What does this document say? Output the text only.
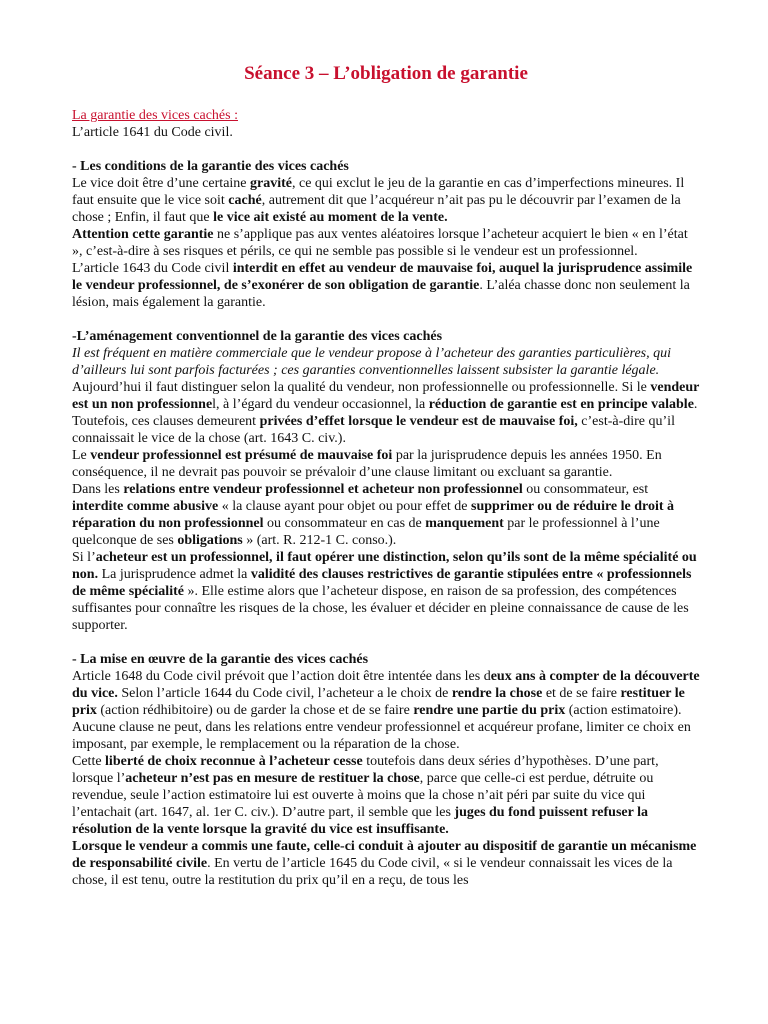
Séance 3 – L’obligation de garantie
La garantie des vices cachés :
L’article 1641 du Code civil.
- Les conditions de la garantie des vices cachés
Le vice doit être d’une certaine gravité, ce qui exclut le jeu de la garantie en cas d’imperfections mineures. Il faut ensuite que le vice soit caché, autrement dit que l’acquéreur n’ait pas pu le découvrir par l’examen de la chose ; Enfin, il faut que le vice ait existé au moment de la vente.
Attention cette garantie ne s’applique pas aux ventes aléatoires lorsque l’acheteur acquiert le bien « en l’état », c’est-à-dire à ses risques et périls, ce qui ne semble pas possible si le vendeur est un professionnel.
L’article 1643 du Code civil interdit en effet au vendeur de mauvaise foi, auquel la jurisprudence assimile le vendeur professionnel, de s’exonérer de son obligation de garantie. L’aléa chasse donc non seulement la lésion, mais également la garantie.
-L’aménagement conventionnel de la garantie des vices cachés
Il est fréquent en matière commerciale que le vendeur propose à l’acheteur des garanties particulières, qui d’ailleurs lui sont parfois facturées ; ces garanties conventionnelles laissent subsister la garantie légale.
Aujourd’hui il faut distinguer selon la qualité du vendeur, non professionnelle ou professionnelle. Si le vendeur est un non professionnel, à l’égard du vendeur occasionnel, la réduction de garantie est en principe valable. Toutefois, ces clauses demeurent privées d’effet lorsque le vendeur est de mauvaise foi, c’est-à-dire qu’il connaissait le vice de la chose (art. 1643 C. civ.).
Le vendeur professionnel est présumé de mauvaise foi par la jurisprudence depuis les années 1950. En conséquence, il ne devrait pas pouvoir se prévaloir d’une clause limitant ou excluant sa garantie.
Dans les relations entre vendeur professionnel et acheteur non professionnel ou consommateur, est interdite comme abusive « la clause ayant pour objet ou pour effet de supprimer ou de réduire le droit à réparation du non professionnel ou consommateur en cas de manquement par le professionnel à l’une quelconque de ses obligations » (art. R. 212-1 C. conso.).
Si l’acheteur est un professionnel, il faut opérer une distinction, selon qu’ils sont de la même spécialité ou non. La jurisprudence admet la validité des clauses restrictives de garantie stipulées entre « professionnels de même spécialité ». Elle estime alors que l’acheteur dispose, en raison de sa profession, des compétences suffisantes pour connaître les risques de la chose, les évaluer et décider en pleine connaissance de cause de les supporter.
- La mise en œuvre de la garantie des vices cachés
Article 1648 du Code civil prévoit que l’action doit être intentée dans les deux ans à compter de la découverte du vice. Selon l’article 1644 du Code civil, l’acheteur a le choix de rendre la chose et de se faire restituer le prix (action rédhibitoire) ou de garder la chose et de se faire rendre une partie du prix (action estimatoire).
Aucune clause ne peut, dans les relations entre vendeur professionnel et acquéreur profane, limiter ce choix en imposant, par exemple, le remplacement ou la réparation de la chose.
Cette liberté de choix reconnue à l’acheteur cesse toutefois dans deux séries d’hypothèses. D’une part, lorsque l’acheteur n’est pas en mesure de restituer la chose, parce que celle-ci est perdue, détruite ou revendue, seule l’action estimatoire lui est ouverte à moins que la chose n’ait péri par suite du vice qui l’entachait (art. 1647, al. 1er C. civ.). D’autre part, il semble que les juges du fond puissent refuser la résolution de la vente lorsque la gravité du vice est insuffisante.
Lorsque le vendeur a commis une faute, celle-ci conduit à ajouter au dispositif de garantie un mécanisme de responsabilité civile. En vertu de l’article 1645 du Code civil, « si le vendeur connaissait les vices de la chose, il est tenu, outre la restitution du prix qu’il en a reçu, de tous les
